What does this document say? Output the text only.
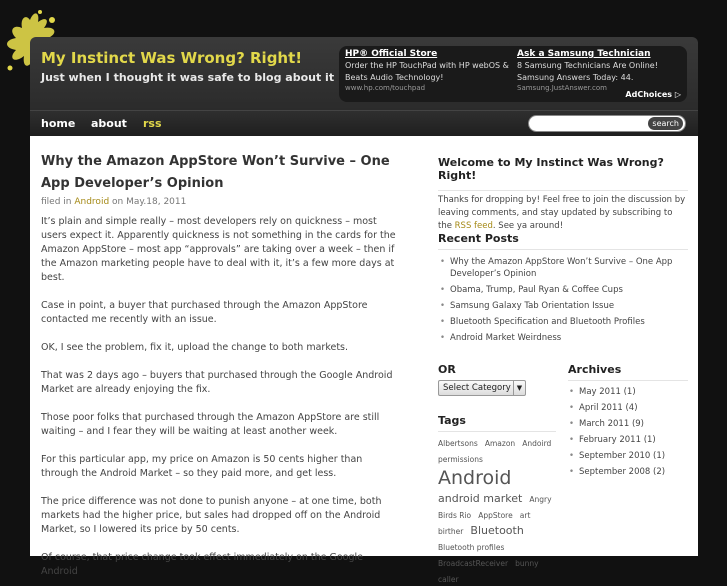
My Instinct Was Wrong? Right!
Just when I thought it was safe to blog about it
HP® Official Store
Order the HP TouchPad with HP webOS & Beats Audio Technology!
www.hp.com/touchpad
Ask a Samsung Technician
8 Samsung Technicians Are Online! Samsung Answers Today: 44.
Samsung.JustAnswer.com
AdChoices ▷
home about rss	search
Why the Amazon AppStore Won’t Survive – One App Developer’s Opinion
filed in Android on May.18, 2011

It’s plain and simple really – most developers rely on quickness – most users expect it. Apparently quickness is not something in the cards for the Amazon AppStore – most app “approvals” are taking over a week – then if the Amazon marketing people have to deal with it, it’s a few more days at best.

Case in point, a buyer that purchased through the Amazon AppStore contacted me recently with an issue.

OK, I see the problem, fix it, upload the change to both markets.

That was 2 days ago – buyers that purchased through the Google Android Market are already enjoying the fix.

Those poor folks that purchased through the Amazon AppStore are still waiting – and I fear they will be waiting at least another week.

For this particular app, my price on Amazon is 50 cents higher than through the Android Market – so they paid more, and get less.

The price difference was not done to punish anyone – at one time, both markets had the higher price, but sales had dropped off on the Android Market, so I lowered its price by 50 cents.

Of course, that price change took effect immediately on the Google Android

Welcome to My Instinct Was Wrong? Right!
Thanks for dropping by! Feel free to join the discussion by leaving comments, and stay updated by subscribing to the RSS feed. See ya around!
Recent Posts
• Why the Amazon AppStore Won’t Survive – One App Developer’s Opinion
• Obama, Trump, Paul Ryan & Coffee Cups
• Samsung Galaxy Tab Orientation Issue
• Bluetooth Specification and Bluetooth Profiles
• Android Market Weirdness
OR
Select Category ▼
Tags
Albertsons Amazon Andoird permissions Android android market Angry Birds Rio AppStore art birther Bluetooth Bluetooth profiles BroadcastReceiver bunny caller
Archives
• May 2011 (1)
• April 2011 (4)
• March 2011 (9)
• February 2011 (1)
• September 2010 (1)
• September 2008 (2)
